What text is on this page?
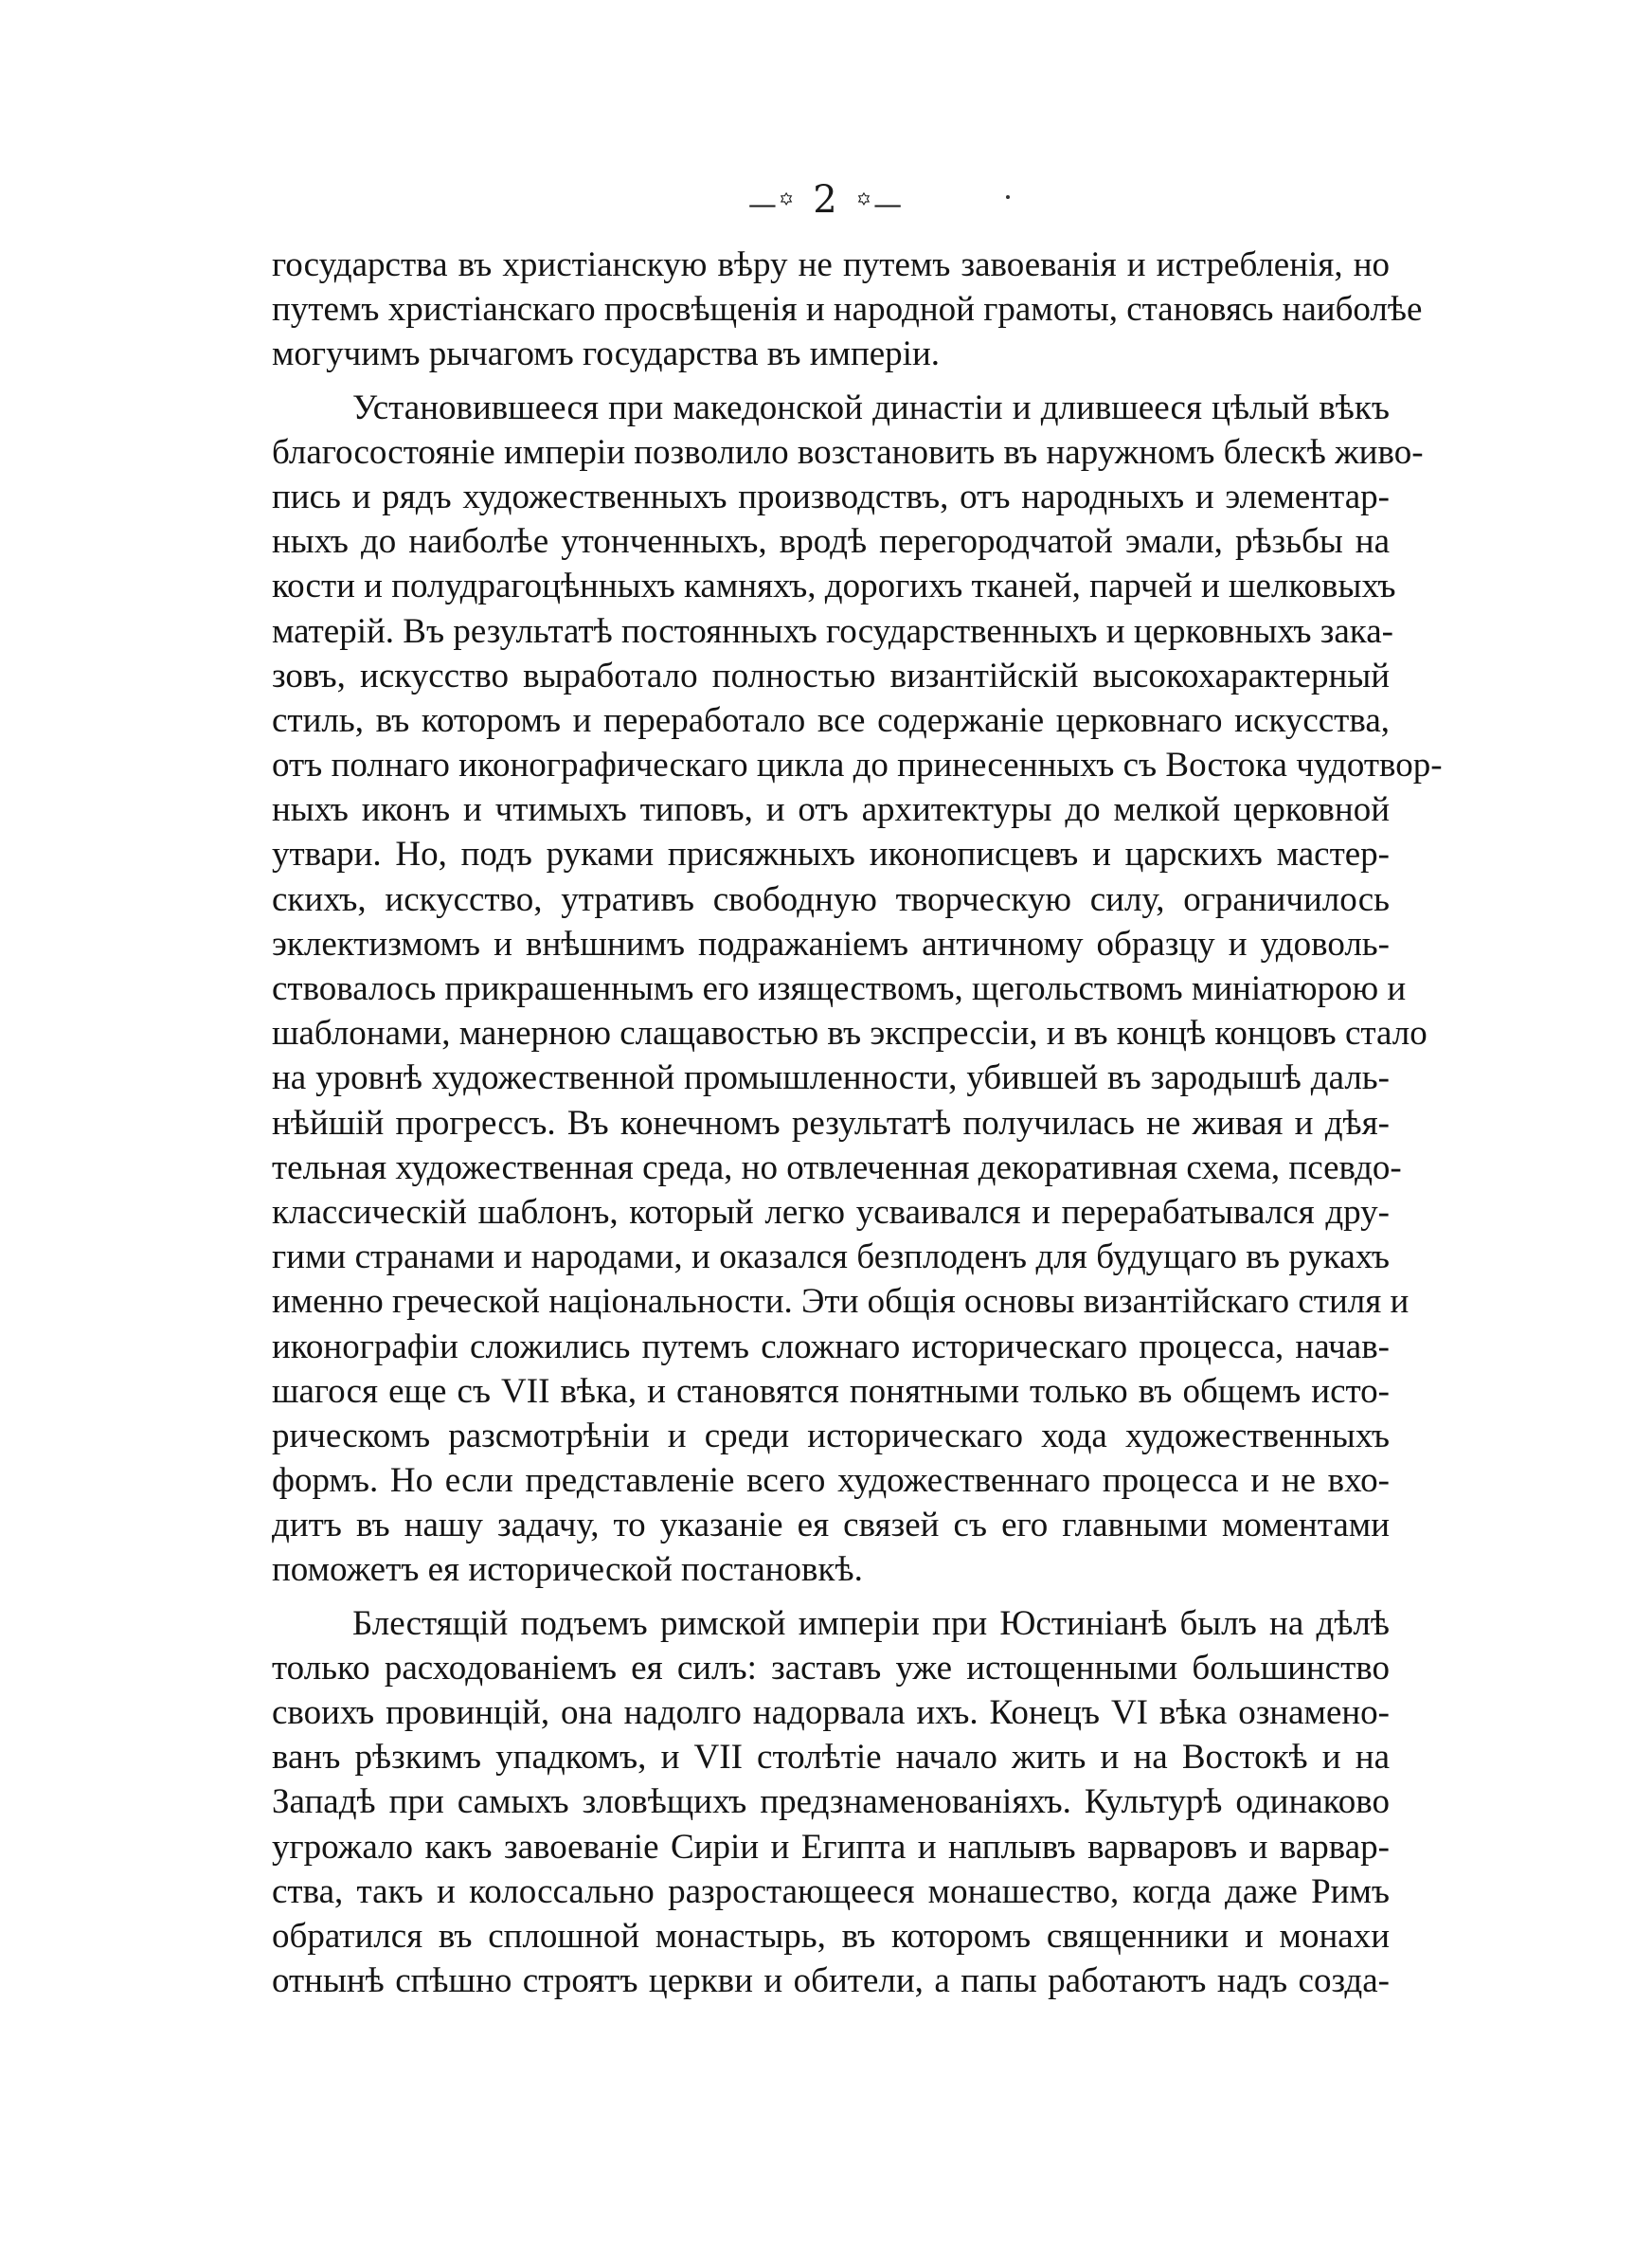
—꙳ 2 ꙳—
государства въ христіанскую вѣру не путемъ завоеванія и истребленія, но
путемъ христіанскаго просвѣщенія и народной грамоты, становясь наиболѣе
могучимъ рычагомъ государства въ имперіи.
Установившееся при македонской династіи и длившееся цѣлый вѣкъ
благосостояніе имперіи позволило возстановить въ наружномъ блескѣ живо-
пись и рядъ художественныхъ производствъ, отъ народныхъ и элементар-
ныхъ до наиболѣе утонченныхъ, вродѣ перегородчатой эмали, рѣзьбы на
кости и полудрагоцѣнныхъ камняхъ, дорогихъ тканей, парчей и шелковыхъ
матерій. Въ результатѣ постоянныхъ государственныхъ и церковныхъ зака-
зовъ, искусство выработало полностью византійскій высокохарактерный
стиль, въ которомъ и переработало все содержаніе церковнаго искусства,
отъ полнаго иконографическаго цикла до принесенныхъ съ Востока чудотвор-
ныхъ иконъ и чтимыхъ типовъ, и отъ архитектуры до мелкой церковной
утвари. Но, подъ руками присяжныхъ иконописцевъ и царскихъ мастер-
скихъ, искусство, утративъ свободную творческую силу, ограничилось
эклектизмомъ и внѣшнимъ подражаніемъ античному образцу и удоволь-
ствовалось прикрашеннымъ его изяществомъ, щегольствомъ миніатюрою и
шаблонами, манерною слащавостью въ экспрессіи, и въ концѣ концовъ стало
на уровнѣ художественной промышленности, убившей въ зародышѣ даль-
нѣйшій прогрессъ. Въ конечномъ результатѣ получилась не живая и дѣя-
тельная художественная среда, но отвлеченная декоративная схема, псевдо-
классическій шаблонъ, который легко усваивался и перерабатывался дру-
гими странами и народами, и оказался безплоденъ для будущаго въ рукахъ
именно греческой національности. Эти общія основы византійскаго стиля и
иконографіи сложились путемъ сложнаго историческаго процесса, начав-
шагося еще съ VII вѣка, и становятся понятными только въ общемъ исто-
рическомъ разсмотрѣніи и среди историческаго хода художественныхъ
формъ. Но если представленіе всего художественнаго процесса и не вхо-
дитъ въ нашу задачу, то указаніе ея связей съ его главными моментами
поможетъ ея исторической постановкѣ.
Блестящій подъемъ римской имперіи при Юстиніанѣ былъ на дѣлѣ
только расходованіемъ ея силъ: заставъ уже истощенными большинство
своихъ провинцій, она надолго надорвала ихъ. Конецъ VI вѣка ознамено-
ванъ рѣзкимъ упадкомъ, и VII столѣтіе начало жить и на Востокѣ и на
Западѣ при самыхъ зловѣщихъ предзнаменованіяхъ. Культурѣ одинаково
угрожало какъ завоеваніе Сиріи и Египта и наплывъ варваровъ и варвар-
ства, такъ и колоссально разростающееся монашество, когда даже Римъ
обратился въ сплошной монастырь, въ которомъ священники и монахи
отнынѣ спѣшно строятъ церкви и обители, а папы работаютъ надъ созда-
